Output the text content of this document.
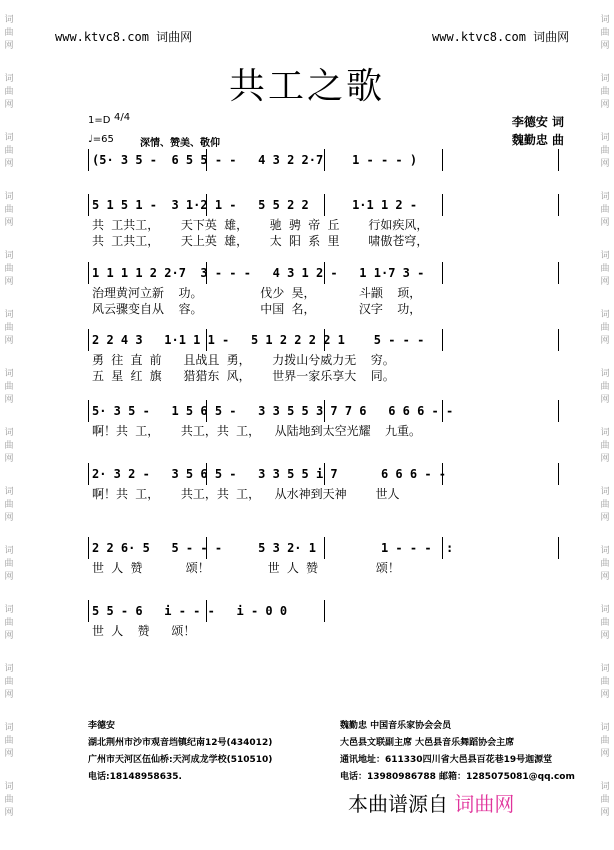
词
曲
网
词
曲
网
词
曲
网
词
曲
网
词
曲
网
词
曲
网
词
曲
网
词
曲
网
词
曲
网
词
曲
网
词
曲
网
词
曲
网
词
曲
网
词
曲
网
词
曲
网
词
曲
网
词
曲
网
词
曲
网
词
曲
网
词
曲
网
词
曲
网
词
曲
网
词
曲
网
词
曲
网
词
曲
网
词
曲
网
词
曲
网
词
曲
网
www.ktvc8.com 词曲网	www.ktvc8.com 词曲网
共工之歌
李德安 词
魏勤忠 曲
1=D 4/4
♩=65	深情、赞美、敬仰
(5· 3 5 -  6 5 5 - -   4 3 2 2·7    1 - - - )
5 1 5 1 -  3 1·2 1 -   5 5 2 2      1·1 1 2 -
共 工共工，   天下英 雄，   驰 骋 帝 丘    行如疾风，
共 工共工，   天上英 雄，   太 阳 系 里    啸傲苍穹，
1 1 1 1 2 2·7  3 - - -   4 3 1 2 -   1 1·7 3 -
治理黄河立新  功。        伐少 昊，      斗颛  顼，
风云骤变自从  容。        中国 名，      汉字  功，
2 2 4 3   1·1 1 1 -   5 1 2 2 2 2 1    5 - - -
勇 往 直 前   且战且 勇，   力拨山兮威力无  穷。
五 星 红 旗   猎猎东 风，   世界一家乐享大  同。
5· 3 5 -   1 5 6 5 -   3 3 5 5 3 7 7 6   6 6 6 - -
啊！共 工，   共工，共 工，  从陆地到太空光耀  九重。
2· 3 2 -   3 5 6 5 -   3 3 5 5 i 7      6 6 6 - -
啊！共 工，   共工，共 工，  从水神到天神    世人
2 2 6· 5   5 - - -     5 3 2· 1         1 - - -  :
世 人 赞      颂！        世 人 赞        颂！
5 5 - 6   i - - -   i - 0 0
世 人  赞   颂！
李德安
湖北荆州市沙市观音垱镇纪南12号(434012)
广州市天河区伍仙桥:天河成龙学校(510510)
电话:18148958635.
魏勤忠 中国音乐家协会会员
大邑县文联副主席 大邑县音乐舞蹈协会主席
通讯地址：611330四川省大邑县百花巷19号迦源堂
电话：13980986788 邮箱：1285075081@qq.com
本曲谱源自 词曲网
